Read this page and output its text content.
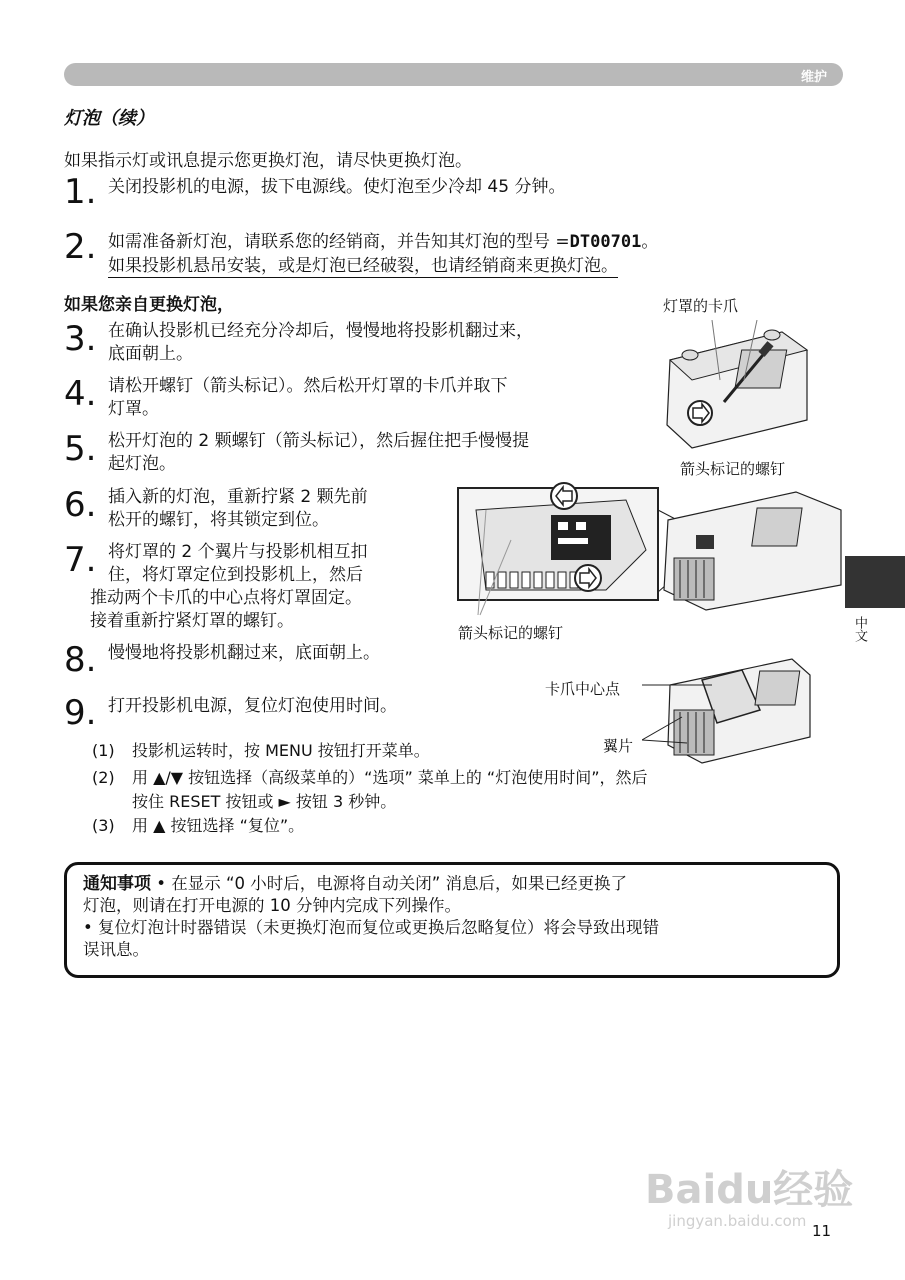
维护
灯泡（续）
如果指示灯或讯息提示您更换灯泡，请尽快更换灯泡。
1. 关闭投影机的电源，拔下电源线。使灯泡至少冷却 45 分钟。
2. 如需准备新灯泡，请联系您的经销商，并告知其灯泡的型号 =DT00701。
如果投影机悬吊安装，或是灯泡已经破裂，也请经销商来更换灯泡。
如果您亲自更换灯泡，
3. 在确认投影机已经充分冷却后，慢慢地将投影机翻过来，
底面朝上。
4. 请松开螺钉（箭头标记）。然后松开灯罩的卡爪并取下
灯罩。
5. 松开灯泡的 2 颗螺钉（箭头标记），然后握住把手慢慢提
起灯泡。
6. 插入新的灯泡，重新拧紧 2 颗先前
松开的螺钉，将其锁定到位。
7. 将灯罩的 2 个翼片与投影机相互扣
住，将灯罩定位到投影机上，然后
推动两个卡爪的中心点将灯罩固定。
接着重新拧紧灯罩的螺钉。
8. 慢慢地将投影机翻过来，底面朝上。
9. 打开投影机电源，复位灯泡使用时间。
(1) 投影机运转时，按 MENU 按钮打开菜单。
(2) 用 ▲/▼ 按钮选择（高级菜单的）“选项” 菜单上的 “灯泡使用时间”，然后
按住 RESET 按钮或 ► 按钮 3 秒钟。
(3) 用 ▲ 按钮选择 “复位”。
灯罩的卡爪
箭头标记的螺钉
箭头标记的螺钉
卡爪中心点
翼片
通知事项 • 在显示 “0 小时后，电源将自动关闭” 消息后，如果已经更换了
灯泡，则请在打开电源的 10 分钟内完成下列操作。
• 复位灯泡计时器错误（未更换灯泡而复位或更换后忽略复位）将会导致出现错
误讯息。
中文
Baidu经验
jingyan.baidu.com
11
